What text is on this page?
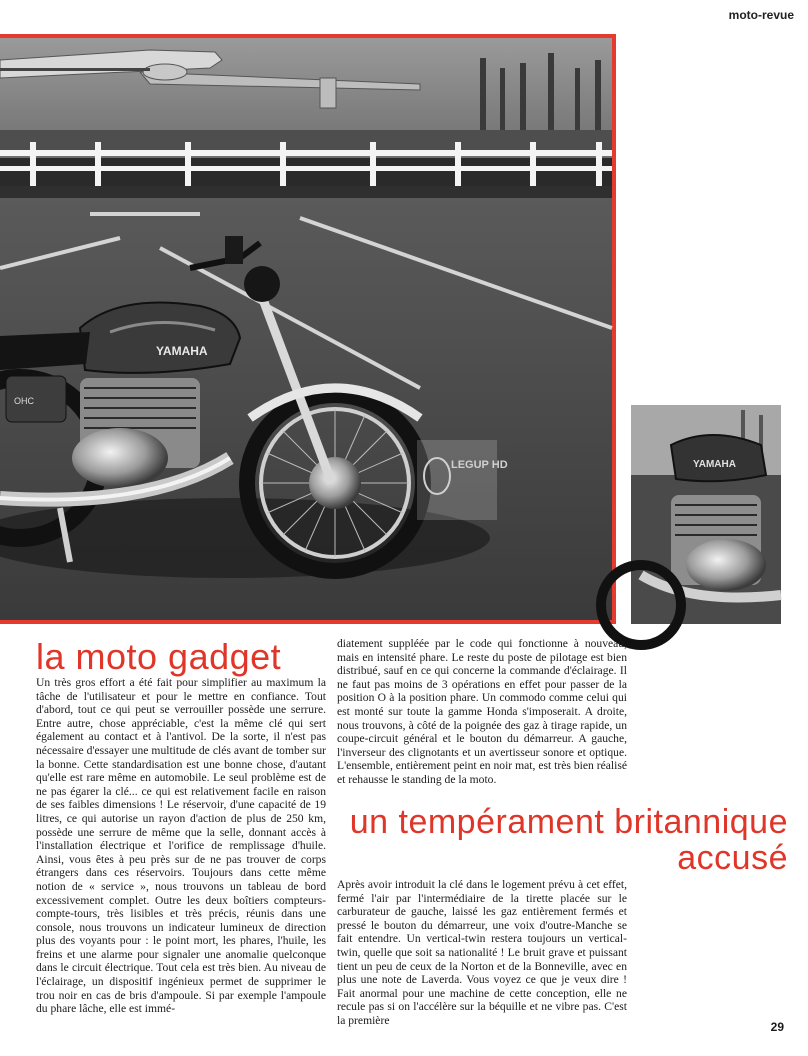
moto-revue
YAMAHA
OHC
YAMAHA
LEGUP HD
la moto gadget

Un très gros effort a été fait pour simplifier au maximum la tâche de l'utilisateur et pour le mettre en confiance. Tout d'abord, tout ce qui peut se verrouiller possède une serrure. Entre autre, chose appréciable, c'est la même clé qui sert également au contact et à l'antivol. De la sorte, il n'est pas nécessaire d'essayer une multitude de clés avant de tomber sur la bonne. Cette standardisation est une bonne chose, d'autant qu'elle est rare même en automobile. Le seul problème est de ne pas égarer la clé... ce qui est relativement facile en raison de ses faibles dimensions ! Le réservoir, d'une capacité de 19 litres, ce qui autorise un rayon d'action de plus de 250 km, possède une serrure de même que la selle, donnant accès à l'installation électrique et l'orifice de remplissage d'huile. Ainsi, vous êtes à peu près sur de ne pas trouver de corps étrangers dans ces réservoirs. Toujours dans cette même notion de « service », nous trouvons un tableau de bord excessivement complet. Outre les deux boîtiers compteurs-compte-tours, très lisibles et très précis, réunis dans une console, nous trouvons un indicateur lumineux de direction plus des voyants pour : le point mort, les phares, l'huile, les freins et une alarme pour signaler une anomalie quelconque dans le circuit électrique. Tout cela est très bien. Au niveau de l'éclairage, un dispositif ingénieux permet de supprimer le trou noir en cas de bris d'ampoule. Si par exemple l'ampoule du phare lâche, elle est immé-

diatement suppléée par le code qui fonctionne à nouveau, mais en intensité phare. Le reste du poste de pilotage est bien distribué, sauf en ce qui concerne la commande d'éclairage. Il ne faut pas moins de 3 opérations en effet pour passer de la position O à la position phare. Un commodo comme celui qui est monté sur toute la gamme Honda s'imposerait. A droite, nous trouvons, à côté de la poignée des gaz à tirage rapide, un coupe-circuit général et le bouton du démarreur. A gauche, l'inverseur des clignotants et un avertisseur sonore et optique. L'ensemble, entièrement peint en noir mat, est très bien réalisé et rehausse le standing de la moto.

un tempérament britannique
accusé

Après avoir introduit la clé dans le logement prévu à cet effet, fermé l'air par l'intermédiaire de la tirette placée sur le carburateur de gauche, laissé les gaz entièrement fermés et pressé le bouton du démarreur, une voix d'outre-Manche se fait entendre. Un vertical-twin restera toujours un vertical-twin, quelle que soit sa nationalité ! Le bruit grave et puissant tient un peu de ceux de la Norton et de la Bonneville, avec en plus une note de Laverda. Vous voyez ce que je veux dire ! Fait anormal pour une machine de cette conception, elle ne recule pas si on l'accélère sur la béquille et ne vibre pas. C'est la première	29
